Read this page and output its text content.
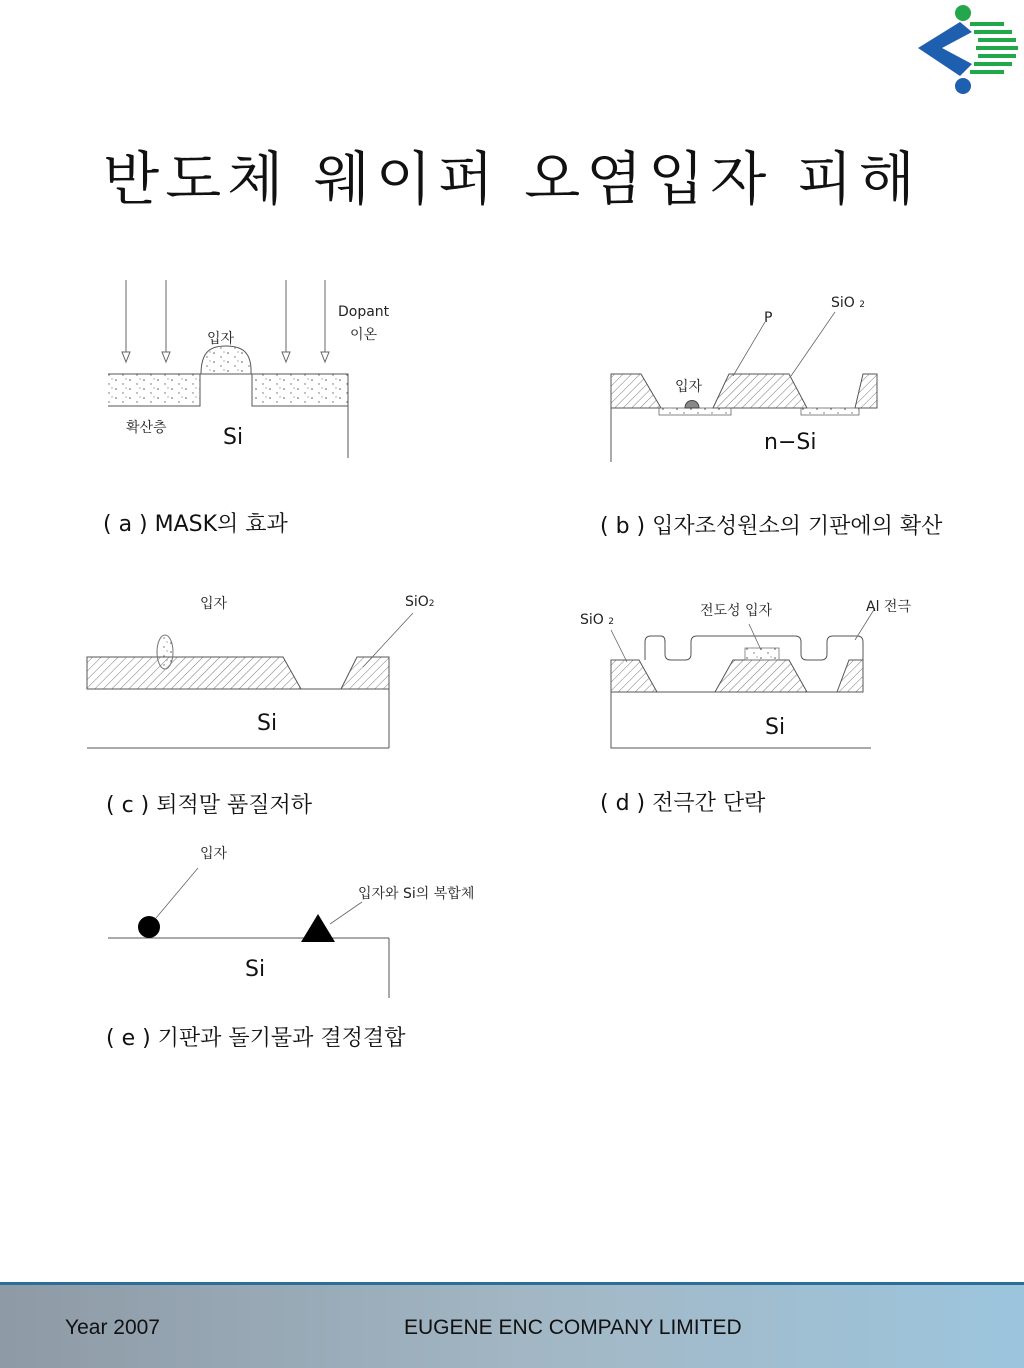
반도체 웨이퍼 오염입자 피해
입자
Dopant
이온
확산층	Si
( a ) MASK의 효과
SiO 2
P
입자
n−Si
( b ) 입자조성원소의 기판에의 확산
입자	SiO2
Si
( c ) 퇴적말 품질저하
SiO 2
전도성 입자	Al 전극
Si
( d ) 전극간 단락
입자
입자와 Si의 복합체
Si
( e ) 기판과 돌기물과 결정결합
Year 2007	EUGENE ENC COMPANY LIMITED
